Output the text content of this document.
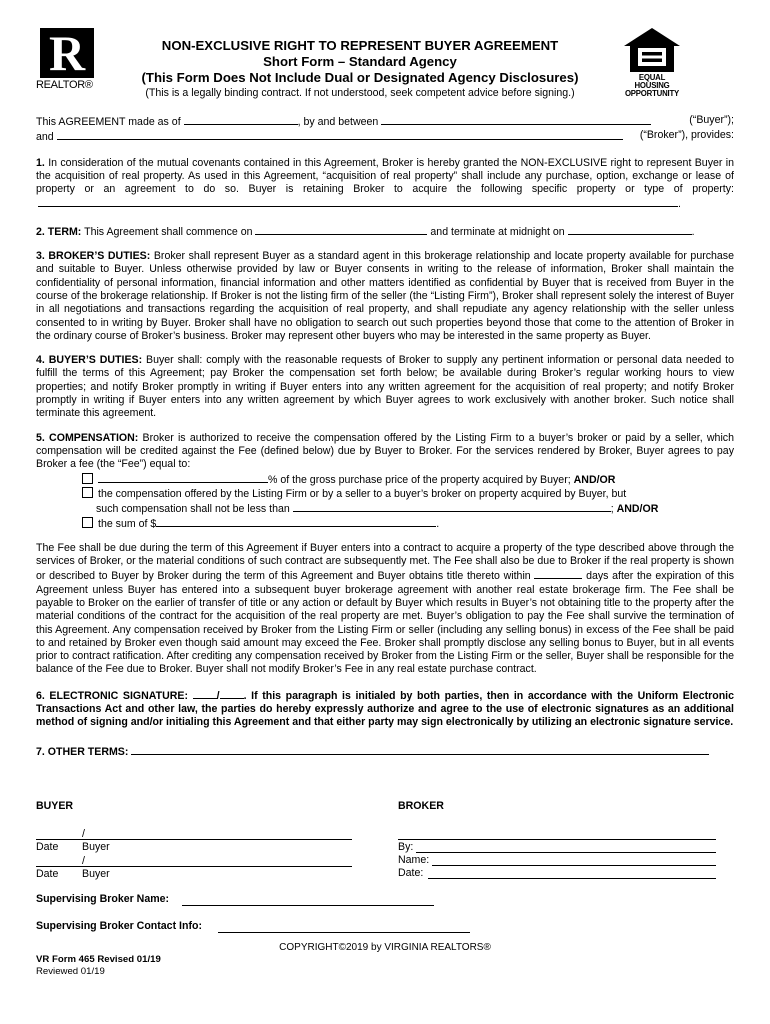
R
REALTOR®
NON-EXCLUSIVE RIGHT TO REPRESENT BUYER AGREEMENT
Short Form – Standard Agency
(This Form Does Not Include Dual or Designated Agency Disclosures)
(This is a legally binding contract. If not understood, seek competent advice before signing.)
EQUAL HOUSING
OPPORTUNITY
This AGREEMENT made as of	, by and between	(“Buyer”);
and	(“Broker”), provides:
1. In consideration of the mutual covenants contained in this Agreement, Broker is hereby granted the NON-EXCLUSIVE right to represent Buyer in the acquisition of real property. As used in this Agreement, “acquisition of real property” shall include any purchase, option, exchange or lease of property or an agreement to do so. Buyer is retaining Broker to acquire the following specific property or type of property: .
2. TERM: This Agreement shall commence on	and terminate at midnight on	.
3. BROKER’S DUTIES: Broker shall represent Buyer as a standard agent in this brokerage relationship and locate property available for purchase and suitable to Buyer. Unless otherwise provided by law or Buyer consents in writing to the release of information, Broker shall maintain the confidentiality of personal information, financial information and other matters identified as confidential by Buyer that is received from Buyer in the course of the brokerage relationship. If Broker is not the listing firm of the seller (the “Listing Firm”), Broker shall represent solely the interest of Buyer in all negotiations and transactions regarding the acquisition of real property, and shall repudiate any agency relationship with the seller unless consented to in writing by Buyer. Broker shall have no obligation to search out such properties beyond those that come to the attention of Broker in the ordinary course of Broker’s business. Broker may represent other buyers who may be interested in the same property as Buyer.
4. BUYER’S DUTIES: Buyer shall: comply with the reasonable requests of Broker to supply any pertinent information or personal data needed to fulfill the terms of this Agreement; pay Broker the compensation set forth below; be available during Broker’s regular working hours to view properties; and notify Broker promptly in writing if Buyer enters into any written agreement for the acquisition of real property; and notify Broker promptly in writing if Buyer enters into any written agreement by which Buyer agrees to work exclusively with another broker. Such notice shall terminate this agreement.
5. COMPENSATION: Broker is authorized to receive the compensation offered by the Listing Firm to a buyer’s broker or paid by a seller, which compensation will be credited against the Fee (defined below) due by Buyer to Broker. For the services rendered by Broker, Buyer agrees to pay Broker a fee (the “Fee”) equal to:
% of the gross purchase price of the property acquired by Buyer; AND/OR
the compensation offered by the Listing Firm or by a seller to a buyer’s broker on property acquired by Buyer, but
such compensation shall not be less than	; AND/OR
the sum of $	.
The Fee shall be due during the term of this Agreement if Buyer enters into a contract to acquire a property of the type described above through the services of Broker, or the material conditions of such contract are subsequently met. The Fee shall also be due to Broker if the real property is shown or described to Buyer by Broker during the term of this Agreement and Buyer obtains title thereto within	days after the expiration of this Agreement unless Buyer has entered into a subsequent buyer brokerage agreement with another real estate brokerage firm. The Fee shall be payable to Broker on the earlier of transfer of title or any action or default by Buyer which results in Buyer’s not obtaining title to the property after the material conditions of the contract for the acquisition of the real property are met. Buyer’s obligation to pay the Fee shall survive the termination of this Agreement. Any compensation received by Broker from the Listing Firm or seller (including any selling bonus) in excess of the Fee shall be paid to and retained by Broker even though said amount may exceed the Fee. Broker shall promptly disclose any selling bonus to Buyer, but in all events prior to contract ratification. After crediting any compensation received by Broker from the Listing Firm or the seller, Buyer shall be responsible for the balance of the Fee due to Broker. Buyer shall not modify Broker’s Fee in any real estate purchase contract.
6. ELECTRONIC SIGNATURE:	/ . If this paragraph is initialed by both parties, then in accordance with the Uniform Electronic Transactions Act and other law, the parties do hereby expressly authorize and agree to the use of electronic signatures as an additional method of signing and/or initialing this Agreement and that either party may sign electronically by utilizing an electronic signature service.
7. OTHER TERMS:
BUYER	BROKER
/
Date Buyer
/
Date Buyer
By:
Name:
Date:
Supervising Broker Name:
Supervising Broker Contact Info:
COPYRIGHT©2019 by VIRGINIA REALTORS®
VR Form 465 Revised 01/19
Reviewed 01/19
